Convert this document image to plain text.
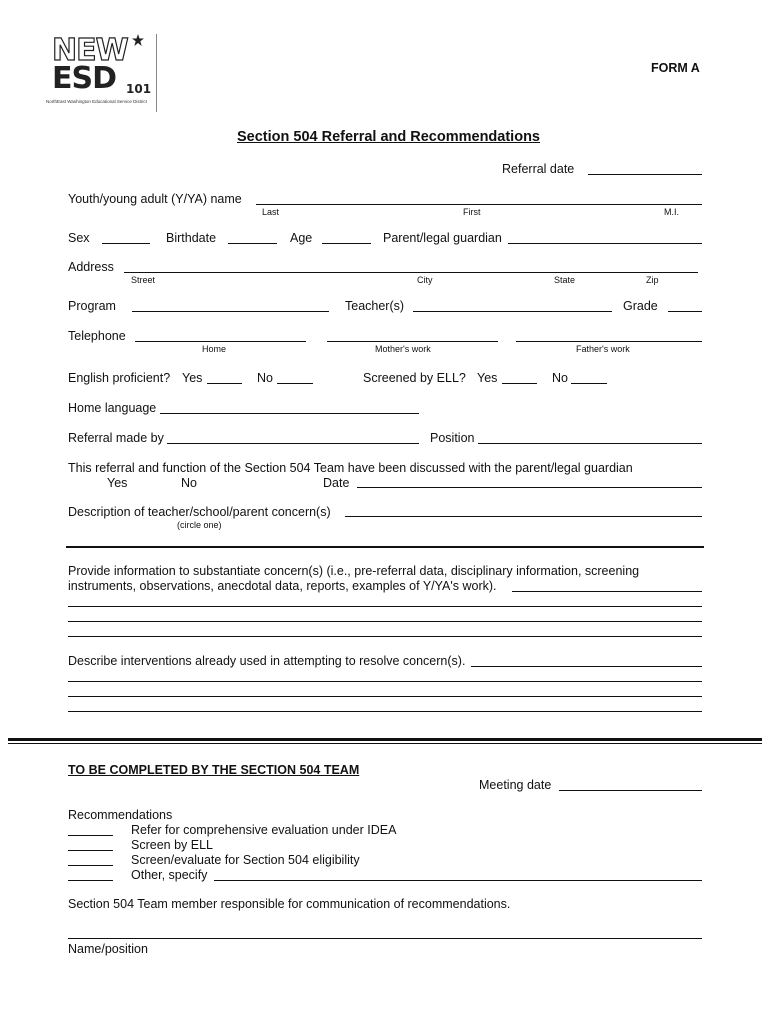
NEW
ESD 101
NorthEast Washington Educational Service District
FORM A
Section 504 Referral and Recommendations
Referral date
Youth/young adult (Y/YA) name
Last	First	M.I.
Sex	Birthdate	Age	Parent/legal guardian
Address
Street	City	State	Zip
Program	Teacher(s)	Grade
Telephone
Home	Mother's work	Father's work
English proficient? Yes	No	Screened by ELL? Yes	No
Home language
Referral made by	Position
This referral and function of the Section 504 Team have been discussed with the parent/legal guardian
Yes	No	Date
Description of teacher/school/parent concern(s)
(circle one)
Provide information to substantiate concern(s) (i.e., pre-referral data, disciplinary information, screening
instruments, observations, anecdotal data, reports, examples of Y/YA's work).
Describe interventions already used in attempting to resolve concern(s).
TO BE COMPLETED BY THE SECTION 504 TEAM
Meeting date
Recommendations
Refer for comprehensive evaluation under IDEA
Screen by ELL
Screen/evaluate for Section 504 eligibility
Other, specify
Section 504 Team member responsible for communication of recommendations.
Name/position
